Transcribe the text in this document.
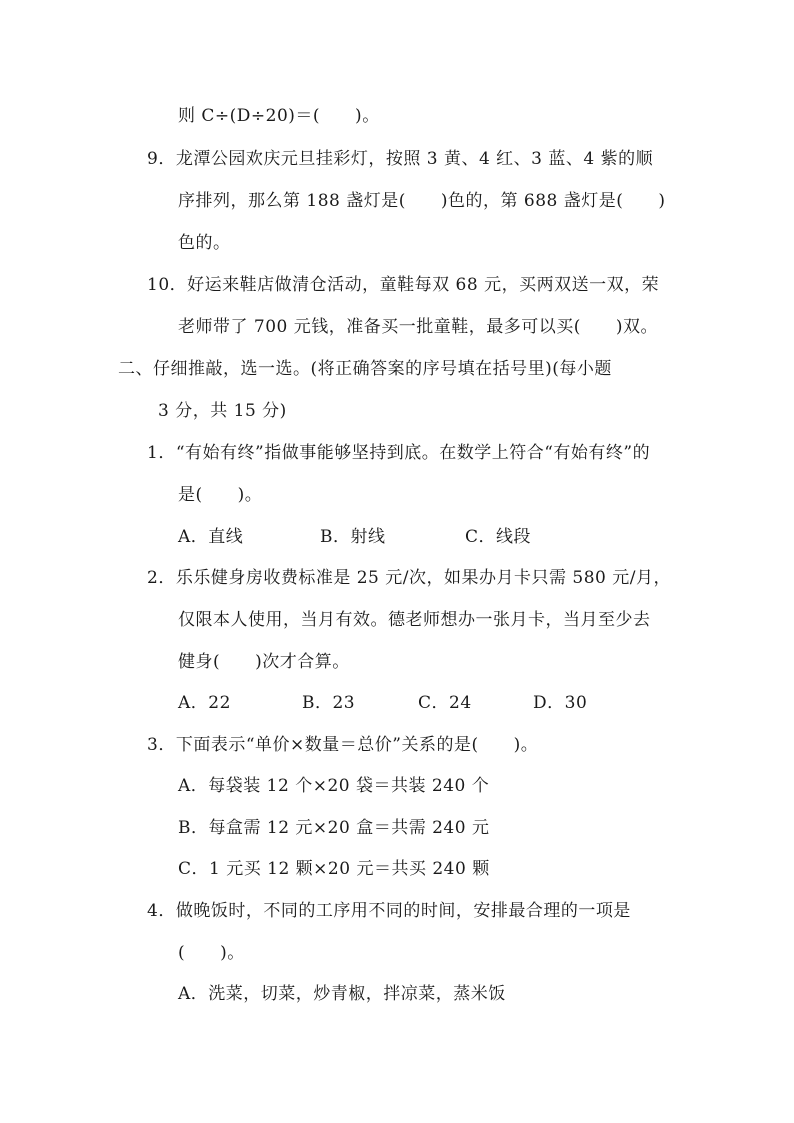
则 C÷(D÷20)＝(　　)。
9．龙潭公园欢庆元旦挂彩灯，按照 3 黄、4 红、3 蓝、4 紫的顺
序排列，那么第 188 盏灯是(　　)色的，第 688 盏灯是(　　)
色的。
10．好运来鞋店做清仓活动，童鞋每双 68 元，买两双送一双，荣
老师带了 700 元钱，准备买一批童鞋，最多可以买(　　)双。
二、仔细推敲，选一选。(将正确答案的序号填在括号里)(每小题
3 分，共 15 分)
1．“有始有终”指做事能够坚持到底。在数学上符合“有始有终”的
是(　　)。
A．直线	B．射线	C．线段
2．乐乐健身房收费标准是 25 元/次，如果办月卡只需 580 元/月，
仅限本人使用，当月有效。德老师想办一张月卡，当月至少去
健身(　　)次才合算。
A．22	B．23	C．24	D．30
3．下面表示“单价×数量＝总价”关系的是(　　)。
A．每袋装 12 个×20 袋＝共装 240 个
B．每盒需 12 元×20 盒＝共需 240 元
C．1 元买 12 颗×20 元＝共买 240 颗
4．做晚饭时，不同的工序用不同的时间，安排最合理的一项是
(　　)。
A．洗菜，切菜，炒青椒，拌凉菜，蒸米饭
